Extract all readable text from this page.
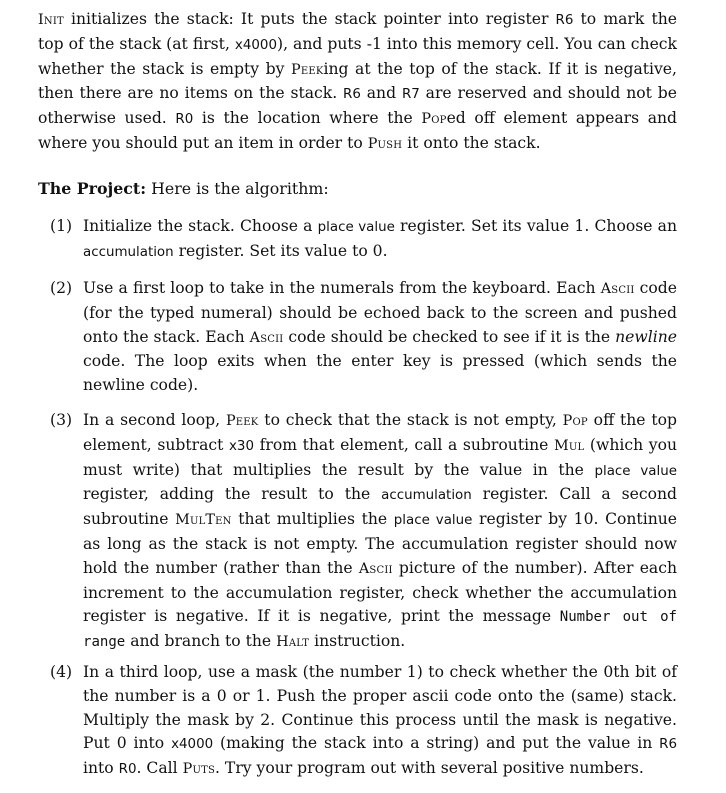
Init initializes the stack: It puts the stack pointer into register R6 to mark the top of the stack (at first, x4000), and puts -1 into this memory cell. You can check whether the stack is empty by Peeking at the top of the stack. If it is negative, then there are no items on the stack. R6 and R7 are reserved and should not be otherwise used. R0 is the location where the Poped off element appears and where you should put an item in order to Push it onto the stack.
The Project: Here is the algorithm:
(1) Initialize the stack. Choose a place value register. Set its value 1. Choose an accumulation register. Set its value to 0.
(2) Use a first loop to take in the numerals from the keyboard. Each Ascii code (for the typed numeral) should be echoed back to the screen and pushed onto the stack. Each Ascii code should be checked to see if it is the newline code. The loop exits when the enter key is pressed (which sends the newline code).
(3) In a second loop, Peek to check that the stack is not empty, Pop off the top element, subtract x30 from that element, call a subroutine Mul (which you must write) that multiplies the result by the value in the place value register, adding the result to the accumulation register. Call a second subroutine MulTen that multiplies the place value register by 10. Continue as long as the stack is not empty. The accumulation register should now hold the number (rather than the Ascii picture of the number). After each increment to the accumulation register, check whether the accumulation register is negative. If it is negative, print the message Number out of range and branch to the Halt instruction.
(4) In a third loop, use a mask (the number 1) to check whether the 0th bit of the number is a 0 or 1. Push the proper ascii code onto the (same) stack. Multiply the mask by 2. Continue this process until the mask is negative. Put 0 into x4000 (making the stack into a string) and put the value in R6 into R0. Call Puts. Try your program out with several positive numbers.
